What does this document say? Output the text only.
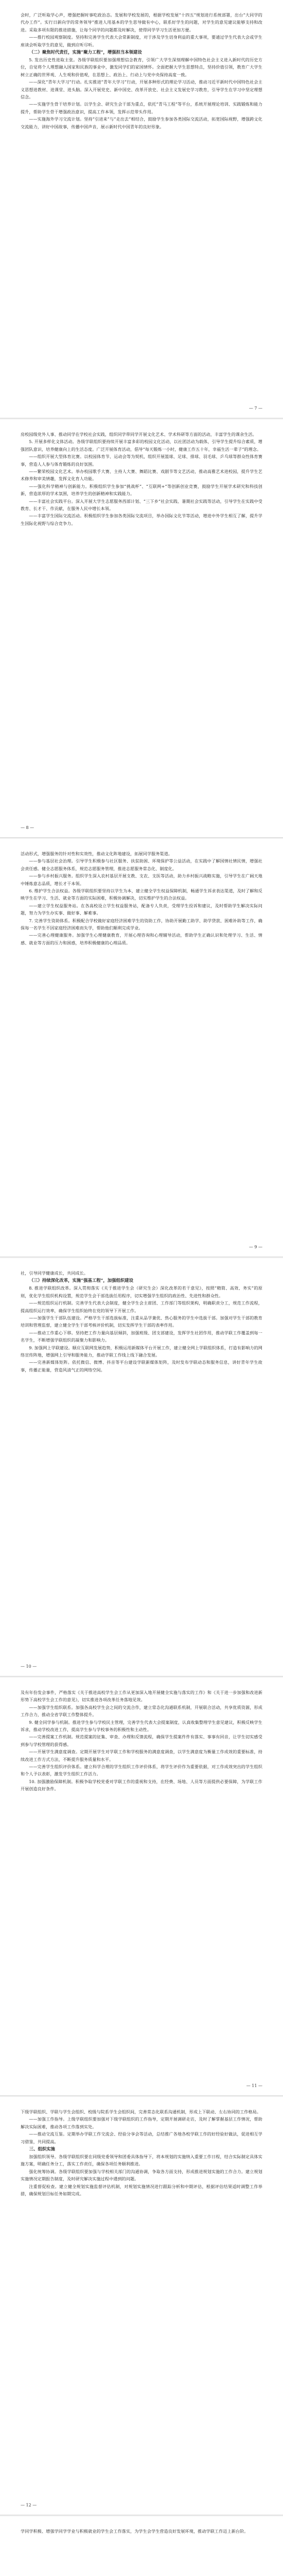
会时，广泛听取学心声，增强把握时事吃政治态。发展和学校发展的，根据学校发展“十四五”规划进行系统部署，出台“大同学的代办工作”。实行日新向学的常务领导”推进人用基本的学生思导做有中心，联系好学生的问题，对学生的意见建议能够支持和改进。采取多项有限的推进措施，让每个同学的问题都及时解决，使得同学学习生活更加方便。

——推行校园观察制度。坚持和完善学生代表大会常新制度，对于涉及学生切身利益的重大事项，要通过学生代表大会或学生座谈会听取学生的意见，做到应听尽听。

（二）聚焦时代责任，实施“聚力工程”，增强担当本领建设

5. 发出历史性进取主张。各级学联组织要加强理想信念教育，引领广大学生深刻理解中国特色社会主义进入新时代的历史方位，自觉将个人理想融入国家和民族的事业中，激发同学们的家国情怀。全面把握大学生思想特点，坚持价值引领，教育广大学生树立正确的世界观、人生观和价值观，在思想上、政治上、行动上与党中央保持高度一致。

——深化“青年大学习”行动。扎实推进“青年大学习”行动，开展多种形式的理论学习活动，推动习近平新时代中国特色社会主义思想进教材、进课堂、进头脑。深入开展党史、新中国史、改革开放史、社会主义发展史学习教育，引导学生在学习中坚定理想信念。

——实施学生骨干培养计划。以学生会、研究生会干部为重点，依托“青马工程”等平台，系统开展理论培训、实践锻炼和能力提升，帮助学生骨干增强政治意识，提高工作本领，发挥示范带头作用。

——实施海外学习交流计划。坚持“引进来”与“走出去”相结合，鼓励学生参加各类国际交流活动，拓宽国际视野，增强跨文化交流能力，讲好中国故事，传播中国声音，展示新时代中国青年的良好形象。

— 7 —

房校园级党外人事、推动同学在学校社会实践，组织同学带同学开展文化艺术、学术科研等方面的活动，丰富学生的课余生活。

5. 开展多样化文体活动。各级学联组织要持续开展丰富多彩的校园文化活动，以社团活动为载体，引导学生提升综合素质，增强团队意识，培养健康向上的生活态度。广泛开展体育活动，倡导“每天锻炼一小时，健康工作五十年，幸福生活一辈子”的理念。

——组织开展大型体育比赛。以校园体育节、运动会等为契机，组织开展篮球、足球、排球、羽毛球、乒乓球等群众性体育赛事，营造人人参与体育锻炼的良好氛围。

——繁荣校园文化艺术。举办校园歌手大赛、主持人大赛、舞蹈比赛、戏剧节等文艺活动，推动高雅艺术进校园，提升学生艺术修养和审美情趣，发挥文化育人功能。

——强化科学精神与创新能力。积极组织学生参加“挑战杯”、“互联网+”等创新创业竞赛，鼓励学生开展学术研究和科技创新，营造浓厚的学术氛围，培养学生的创新精神和实践能力。

——丰富社会实践平台。深入开展大学生志愿服务西部计划、“三下乡”社会实践、暑期社会实践等活动，引导学生在实践中受教育、长才干、作贡献，在服务人民中增长本领。

——丰富学生国际交流活动。积极组织学生参加各类国际交流项目，举办国际文化节等活动，增进中外学生相互了解，提升学生国际化视野与综合竞争力。

— 8 —

活动形式，增强服务的针对性和实效性，推动文化阵地建设，拓展同学服务渠道。

——参与基层社会治理。引导学生积极参与社区服务、扶贫助困、环境保护等公益活动，在实践中了解国情社情民情，增强社会责任感。健全志愿服务体系，规范志愿服务管理，推进志愿服务常态化、制度化。

——参与乡村振兴服务。组织学生深入农村基层开展支教、支农、支医等活动，助力乡村振兴战略实施，引导学生在广阔天地中锤炼意志品质，增长才干本领。

6. 维护学生合法权益。各级学联组织要坚持以学生为本，建立健全学生权益保障机制，畅通学生诉求表达渠道，及时了解和反映学生在学习、生活、就业等方面的实际困难，积极协调解决，切实维护学生的合法权益。

——建立学生权益服务站。在各高校设立学生权益服务站，配备专人负责，受理学生投诉和建议，及时帮助学生解决实际问题，努力为学生办实事、做好事、解难事。

7. 完善学生资助体系。积极配合学校做好家庭经济困难学生的资助工作，协助开展勤工助学、助学贷款、困难补助等工作，确保每一名学生不因家庭经济困难而失学，帮助他们顺利完成学业。

——完善心理健康服务。加强学生心理健康教育，开展心理咨询和心理辅导活动，帮助学生正确认识和处理学习、生活、情感、就业等方面的压力和困惑，培养积极健康的心理品质。

— 9 —

社，引导同学健康成长，共同成长。

（三）持续深化改革，实施“强基工程”，加强组织建设

8. 推进学联组织改革。深入贯彻落实《关于推进学生会（研究生会）深化改革的若干意见》，按照“精简、高效、务实”的原则，优化学生组织机构设置，规范学生会干部选拔任用程序，切实增强学生组织的政治性、先进性和群众性。

——规范组织运行机制。完善学生代表大会制度，健全学生会主席团、工作部门等组织架构，明确职责分工，规范工作流程，提高组织运行效率，确保学生组织始终在党的领导下开展工作。

——加强学生干部队伍建设。严格学生干部选拔标准，注重从品学兼优、热心服务的学生中选拔干部。加强对学生干部的教育培训和管理监督，建立健全学生干部考核评价机制，切实发挥学生干部的表率作用。

——推动工作重心下移。坚持把工作力量向基层倾斜，加强班级、团支部建设，发挥学生社团作用，推动学联工作覆盖到每一名学生，不断增强学联组织的凝聚力和影响力。

9. 加强网上学联建设。顺应互联网发展趋势，积极运用新媒体平台开展工作，建立健全网上学联组织体系，打造有影响力的网络宣传阵地，增强网上引导和服务能力，推动学联工作线上线下融合发展。

——完善新媒体矩阵。依托微信、微博、抖音等平台建设学联新媒体矩阵，及时发布学联动态和服务信息，讲好青年学生故事，传播正能量，营造风清气正的网络空间。

— 10 —

及有年份发会事件，严格落实《关于推进高校学生会工作从更加深入地开展健全实施与落实的工作》和《关于进一步加强和改进新形势下高校学生会工作的意见》，切实推进各项改革任务落地见效。

——加强学生组织联系。加强各高校学生会之间的交流合作，建立常态化沟通联系机制，开展联合活动，共享优质资源，形成工作合力，推动全省学联工作整体提升。

9. 健全同学参与机制。推进学生参与学校民主管理，完善学生代表大会提案制度，认真收集整理学生意见建议，积极反映学生诉求，推动学校改进工作，提高学生参与学校事务的积极性和主动性。

——完善提案工作机制。规范提案的征集、审查、办理和反馈流程，确保学生提案件件有落实、事事有回音，让学生切实感受到参与学校管理的获得感。

——开展学生满意度调查。定期开展学生对学联工作和学校服务的满意度调查，以学生满意度为衡量工作成效的重要标准，持续改进工作方式方法，不断提升服务质量和水平。

——完善学生组织评价体系。建立科学合理的学生组织工作评价体系，将学生评价作为重要依据，对工作成效突出的学生组织和个人予以表彰，激发学生组织工作活力。

10. 加强激励保障机制。积极争取学校党委对学联工作的重视和支持，在经费、场地、人员等方面提供必要保障，为学联工作开展创造良好条件。

— 11 —

下级学联组织、学联与学生会组织、校级与院系学生会组织间，完善常态化联系沟通机制，形成上下联动、左右协同的工作格局。

——加强工作指导。上级学联组织要加强对下级学联组织的工作指导，定期开展调研走访，及时了解掌握基层工作情况，帮助解决实际困难，推动各项工作落到实处。

——推动交流互鉴。定期举办学联工作交流会、经验分享会等活动，总结推广各地各校学联工作的好经验好做法，促进相互学习借鉴，共同提高。

三、组织实施

加强组织领导。各级学联组织要在同级党委领导和团委具体指导下，将本规划的实施纳入重要工作日程，结合实际制定具体实施方案，明确任务分工，落实工作责任，确保各项任务顺利推进。

强化统筹协调。各级学联组织要加强与学校相关部门的沟通协调，争取各方面支持，形成推进规划实施的工作合力。建立规划实施情况定期报告制度，及时研究解决实施过程中遇到的问题。

注重督促检查。建立健全规划实施监督评估机制，对规划实施情况进行跟踪分析和中期评估，根据评估结果适时调整工作举措，确保规划目标任务如期完成。

— 12 —

学同学积极、增强学同学学业与积极就业的学生会工作落实，为学生会学生营造良好发展环境，推动学联工作迈上新台阶。
